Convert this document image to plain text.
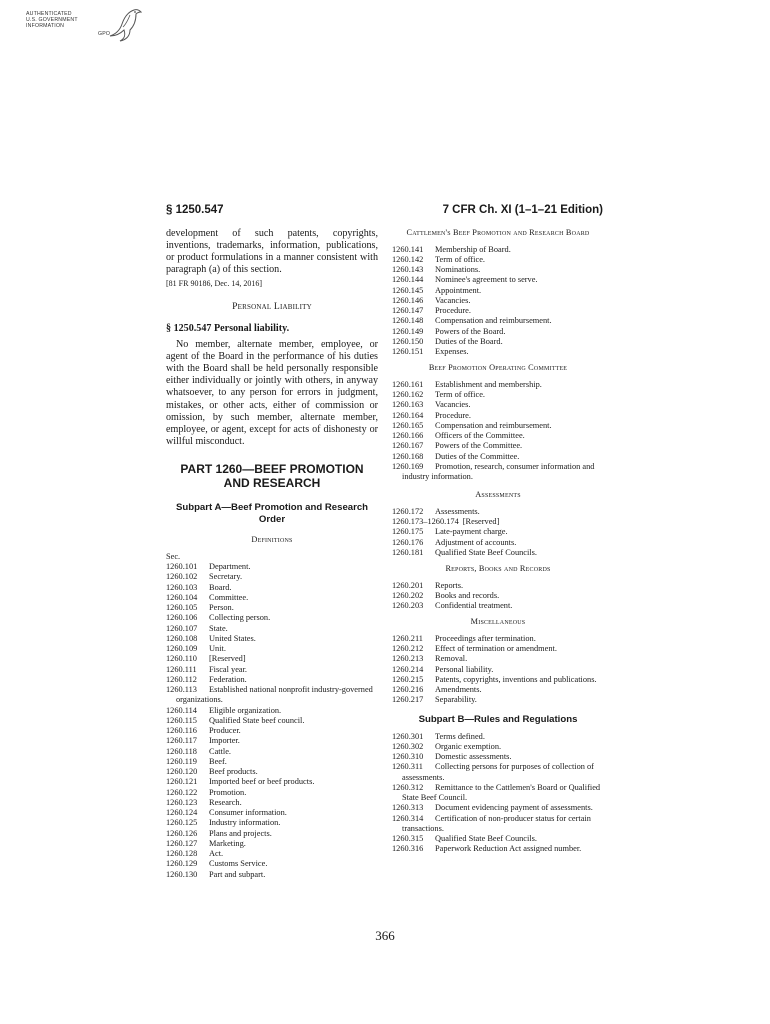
AUTHENTICATED
U.S. GOVERNMENT
INFORMATION
GPO
§ 1250.547	7 CFR Ch. XI (1–1–21 Edition)
development of such patents, copyrights, inventions, trademarks, information, publications, or product formulations in a manner consistent with paragraph (a) of this section.
[81 FR 90186, Dec. 14, 2016]
Personal Liability
§ 1250.547 Personal liability.
No member, alternate member, employee, or agent of the Board in the performance of his duties with the Board shall be held personally responsible either individually or jointly with others, in anyway whatsoever, to any person for errors in judgment, mistakes, or other acts, either of commission or omission, by such member, alternate member, employee, or agent, except for acts of dishonesty or willful misconduct.
PART 1260—BEEF PROMOTION AND RESEARCH
Subpart A—Beef Promotion and Research Order
Definitions
Sec.
1260.101 Department.
1260.102 Secretary.
1260.103 Board.
1260.104 Committee.
1260.105 Person.
1260.106 Collecting person.
1260.107 State.
1260.108 United States.
1260.109 Unit.
1260.110 [Reserved]
1260.111 Fiscal year.
1260.112 Federation.
1260.113 Established national nonprofit industry-governed organizations.
1260.114 Eligible organization.
1260.115 Qualified State beef council.
1260.116 Producer.
1260.117 Importer.
1260.118 Cattle.
1260.119 Beef.
1260.120 Beef products.
1260.121 Imported beef or beef products.
1260.122 Promotion.
1260.123 Research.
1260.124 Consumer information.
1260.125 Industry information.
1260.126 Plans and projects.
1260.127 Marketing.
1260.128 Act.
1260.129 Customs Service.
1260.130 Part and subpart.
Cattlemen's Beef Promotion and Research Board
1260.141 Membership of Board.
1260.142 Term of office.
1260.143 Nominations.
1260.144 Nominee's agreement to serve.
1260.145 Appointment.
1260.146 Vacancies.
1260.147 Procedure.
1260.148 Compensation and reimbursement.
1260.149 Powers of the Board.
1260.150 Duties of the Board.
1260.151 Expenses.
Beef Promotion Operating Committee
1260.161 Establishment and membership.
1260.162 Term of office.
1260.163 Vacancies.
1260.164 Procedure.
1260.165 Compensation and reimbursement.
1260.166 Officers of the Committee.
1260.167 Powers of the Committee.
1260.168 Duties of the Committee.
1260.169 Promotion, research, consumer information and industry information.
Assessments
1260.172 Assessments.
1260.173–1260.174 [Reserved]
1260.175 Late-payment charge.
1260.176 Adjustment of accounts.
1260.181 Qualified State Beef Councils.
Reports, Books and Records
1260.201 Reports.
1260.202 Books and records.
1260.203 Confidential treatment.
Miscellaneous
1260.211 Proceedings after termination.
1260.212 Effect of termination or amendment.
1260.213 Removal.
1260.214 Personal liability.
1260.215 Patents, copyrights, inventions and publications.
1260.216 Amendments.
1260.217 Separability.
Subpart B—Rules and Regulations
1260.301 Terms defined.
1260.302 Organic exemption.
1260.310 Domestic assessments.
1260.311 Collecting persons for purposes of collection of assessments.
1260.312 Remittance to the Cattlemen's Board or Qualified State Beef Council.
1260.313 Document evidencing payment of assessments.
1260.314 Certification of non-producer status for certain transactions.
1260.315 Qualified State Beef Councils.
1260.316 Paperwork Reduction Act assigned number.
366
